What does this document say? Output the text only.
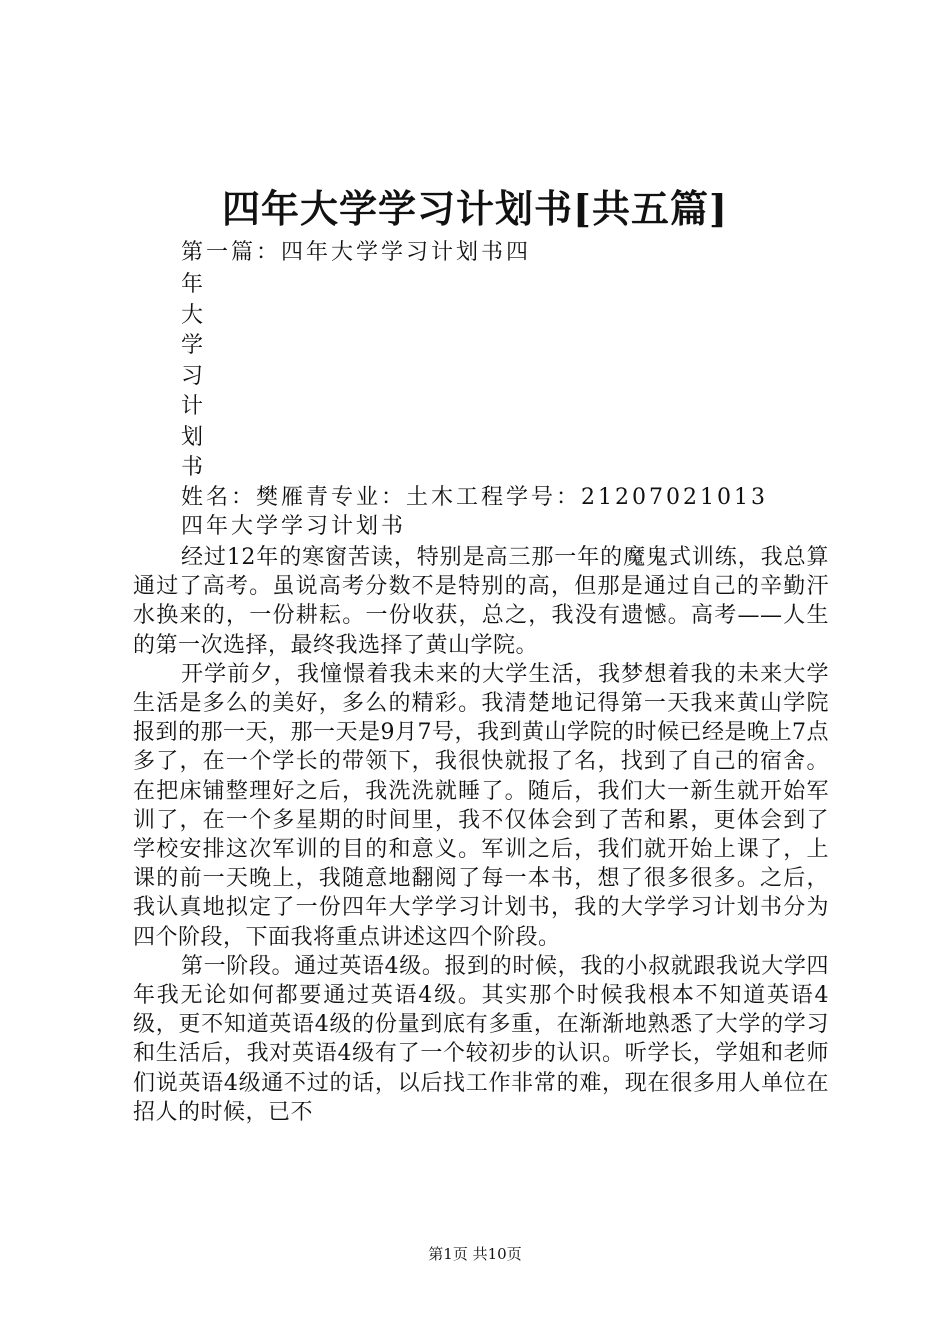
四年大学学习计划书[共五篇]
第一篇：四年大学学习计划书四
年
大
学
习
计
划
书
姓名：樊雁青专业：土木工程学号：21207021013
四年大学学习计划书

经过12年的寒窗苦读，特别是高三那一年的魔鬼式训练，我总算通过了高考。虽说高考分数不是特别的高，但那是通过自己的辛勤汗水换来的，一份耕耘。一份收获，总之，我没有遗憾。高考——人生的第一次选择，最终我选择了黄山学院。

开学前夕，我憧憬着我未来的大学生活，我梦想着我的未来大学生活是多么的美好，多么的精彩。我清楚地记得第一天我来黄山学院报到的那一天，那一天是9月7号，我到黄山学院的时候已经是晚上7点多了，在一个学长的带领下，我很快就报了名，找到了自己的宿舍。在把床铺整理好之后，我洗洗就睡了。随后，我们大一新生就开始军训了，在一个多星期的时间里，我不仅体会到了苦和累，更体会到了学校安排这次军训的目的和意义。军训之后，我们就开始上课了，上课的前一天晚上，我随意地翻阅了每一本书，想了很多很多。之后，我认真地拟定了一份四年大学学习计划书，我的大学学习计划书分为四个阶段，下面我将重点讲述这四个阶段。

第一阶段。通过英语4级。报到的时候，我的小叔就跟我说大学四年我无论如何都要通过英语4级。其实那个时候我根本不知道英语4级，更不知道英语4级的份量到底有多重，在渐渐地熟悉了大学的学习和生活后，我对英语4级有了一个较初步的认识。听学长，学姐和老师们说英语4级通不过的话，以后找工作非常的难，现在很多用人单位在招人的时候，已不

第1页 共10页
